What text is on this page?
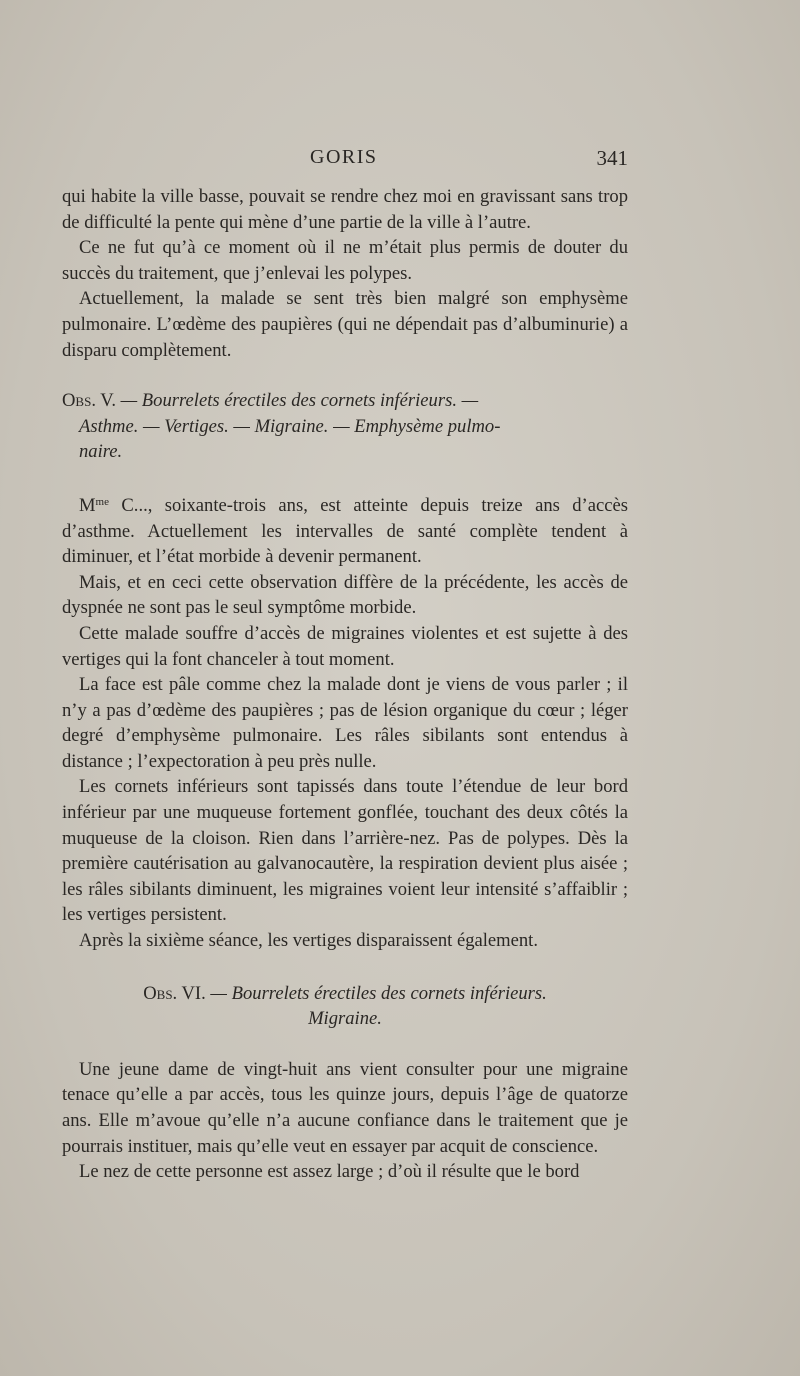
GORIS	341

qui habite la ville basse, pouvait se rendre chez moi en gravissant sans trop de difficulté la pente qui mène d’une partie de la ville à l’autre.

Ce ne fut qu’à ce moment où il ne m’était plus permis de douter du succès du traitement, que j’enlevai les polypes.

Actuellement, la malade se sent très bien malgré son emphysème pulmonaire. L’œdème des paupières (qui ne dépendait pas d’albuminurie) a disparu complètement.

Obs. V. — Bourrelets érectiles des cornets inférieurs. —
Asthme. — Vertiges. — Migraine. — Emphysème pulmo-
naire.

$M^{me}$ C..., soixante-trois ans, est atteinte depuis treize ans d’accès d’asthme. Actuellement les intervalles de santé complète tendent à diminuer, et l’état morbide à devenir permanent.

Mais, et en ceci cette observation diffère de la précédente, les accès de dyspnée ne sont pas le seul symptôme morbide.

Cette malade souffre d’accès de migraines violentes et est sujette à des vertiges qui la font chanceler à tout moment.

La face est pâle comme chez la malade dont je viens de vous parler ; il n’y a pas d’œdème des paupières ; pas de lésion organique du cœur ; léger degré d’emphysème pulmonaire. Les râles sibilants sont entendus à distance ; l’expectoration à peu près nulle.

Les cornets inférieurs sont tapissés dans toute l’étendue de leur bord inférieur par une muqueuse fortement gonflée, touchant des deux côtés la muqueuse de la cloison. Rien dans l’arrière-nez. Pas de polypes. Dès la première cautérisation au galvanocautère, la respiration devient plus aisée ; les râles sibilants diminuent, les migraines voient leur intensité s’affaiblir ; les vertiges persistent.

Après la sixième séance, les vertiges disparaissent également.

Obs. VI. — Bourrelets érectiles des cornets inférieurs.
Migraine.

Une jeune dame de vingt-huit ans vient consulter pour une migraine tenace qu’elle a par accès, tous les quinze jours, depuis l’âge de quatorze ans. Elle m’avoue qu’elle n’a aucune confiance dans le traitement que je pourrais instituer, mais qu’elle veut en essayer par acquit de conscience.

Le nez de cette personne est assez large ; d’où il résulte que le bord
